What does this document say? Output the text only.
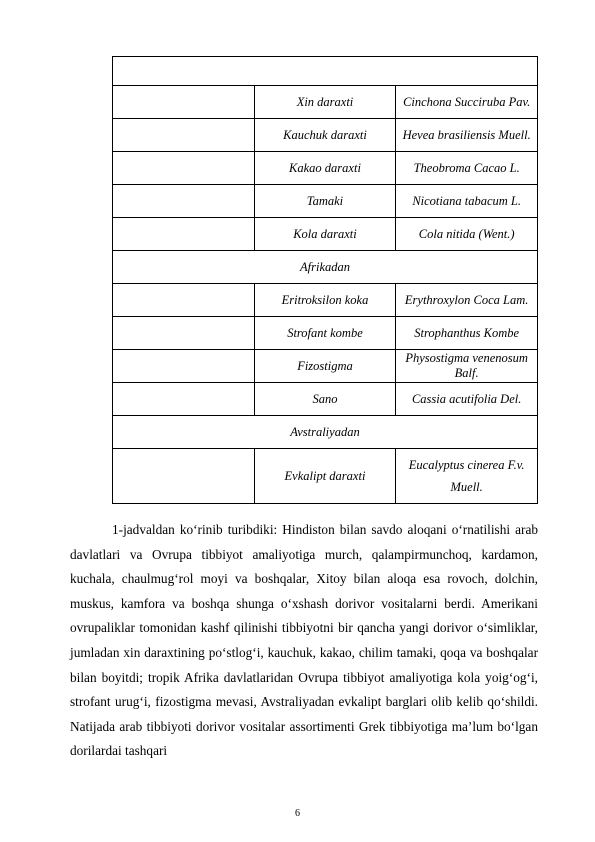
	Xin daraxti	Cinchona Succiruba Pav.
	Kauchuk daraxti	Hevea brasiliensis Muell.
	Kakao daraxti	Theobroma Cacao L.
	Tamaki	Nicotiana tabacum L.
	Kola daraxti	Cola nitida (Went.)
Afrikadan		
	Eritroksilon koka	Erythroxylon Coca Lam.
	Strofant kombe	Strophanthus Kombe
	Fizostigma	Physostigma venenosum Balf.
	Sano	Cassia acutifolia Del.
Avstraliyadan		
	Evkalipt daraxti	Eucalyptus cinerea F.v.
Muell.

1-jadvaldan ko‘rinib turibdiki: Hindiston bilan savdo aloqani o‘rnatilishi arab davlatlari va Ovrupa tibbiyot amaliyotiga murch, qalampirmunchoq, kardamon, kuchala, chaulmug‘rol moyi va boshqalar, Xitoy bilan aloqa esa rovoch, dolchin, muskus, kamfora va boshqa shunga o‘xshash dorivor vositalarni berdi. Amerikani ovrupaliklar tomonidan kashf qilinishi tibbiyotni bir qancha yangi dorivor o‘simliklar, jumladan xin daraxtining po‘stlog‘i, kauchuk, kakao, chilim tamaki, qoqa va boshqalar bilan boyitdi; tropik Afrika davlatlaridan Ovrupa tibbiyot amaliyotiga kola yoig‘og‘i, strofant urug‘i, fizostigma mevasi, Avstraliyadan evkalipt barglari olib kelib qo‘shildi. Natijada arab tibbiyoti dorivor vositalar assortimenti Grek tibbiyotiga ma’lum bo‘lgan dorilardai tashqari

6
